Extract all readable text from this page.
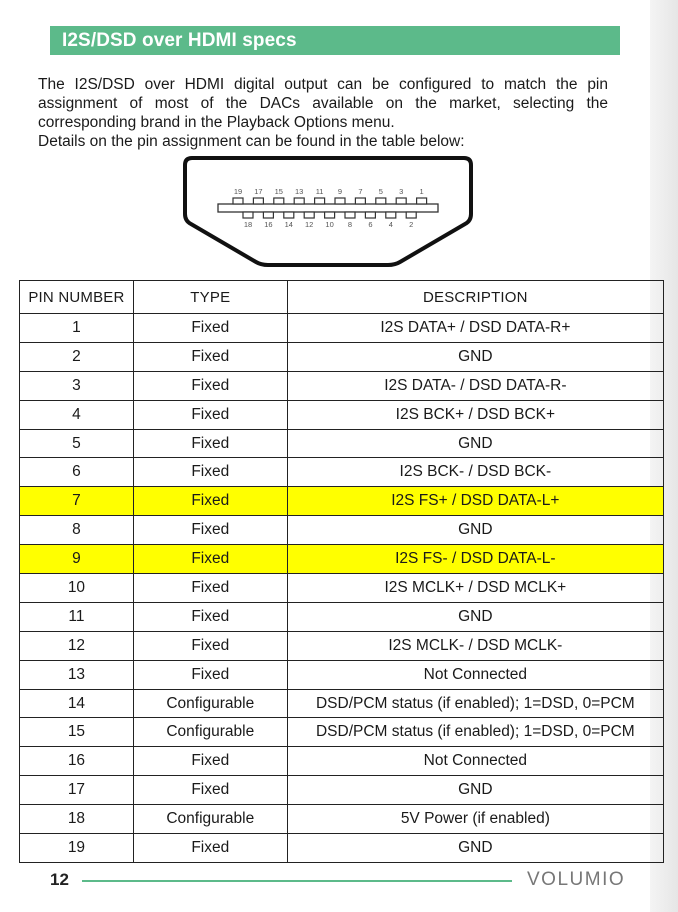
I2S/DSD over HDMI specs

The I2S/DSD over HDMI digital output can be configured to match the pin assignment of most of the DACs available on the market, selecting the corresponding brand in the Playback Options menu.

Details on the pin assignment can be found in the table below:

19 17 15 13 11 9 7 5 3 1
18 16 14 12 10 8 6 4 2
PIN NUMBER	TYPE	DESCRIPTION
1	Fixed	I2S DATA+ / DSD DATA-R+
2	Fixed	GND
3	Fixed	I2S DATA- / DSD DATA-R-
4	Fixed	I2S BCK+ / DSD BCK+
5	Fixed	GND
6	Fixed	I2S BCK- / DSD BCK-
7	Fixed	I2S FS+ / DSD DATA-L+
8	Fixed	GND
9	Fixed	I2S FS- / DSD DATA-L-
10	Fixed	I2S MCLK+ / DSD MCLK+
11	Fixed	GND
12	Fixed	I2S MCLK- / DSD MCLK-
13	Fixed	Not Connected
14	Configurable	DSD/PCM status (if enabled); 1=DSD, 0=PCM
15	Configurable	DSD/PCM status (if enabled); 1=DSD, 0=PCM
16	Fixed	Not Connected
17	Fixed	GND
18	Configurable	5V Power (if enabled)
19	Fixed	GND
12	VOLUMIO
